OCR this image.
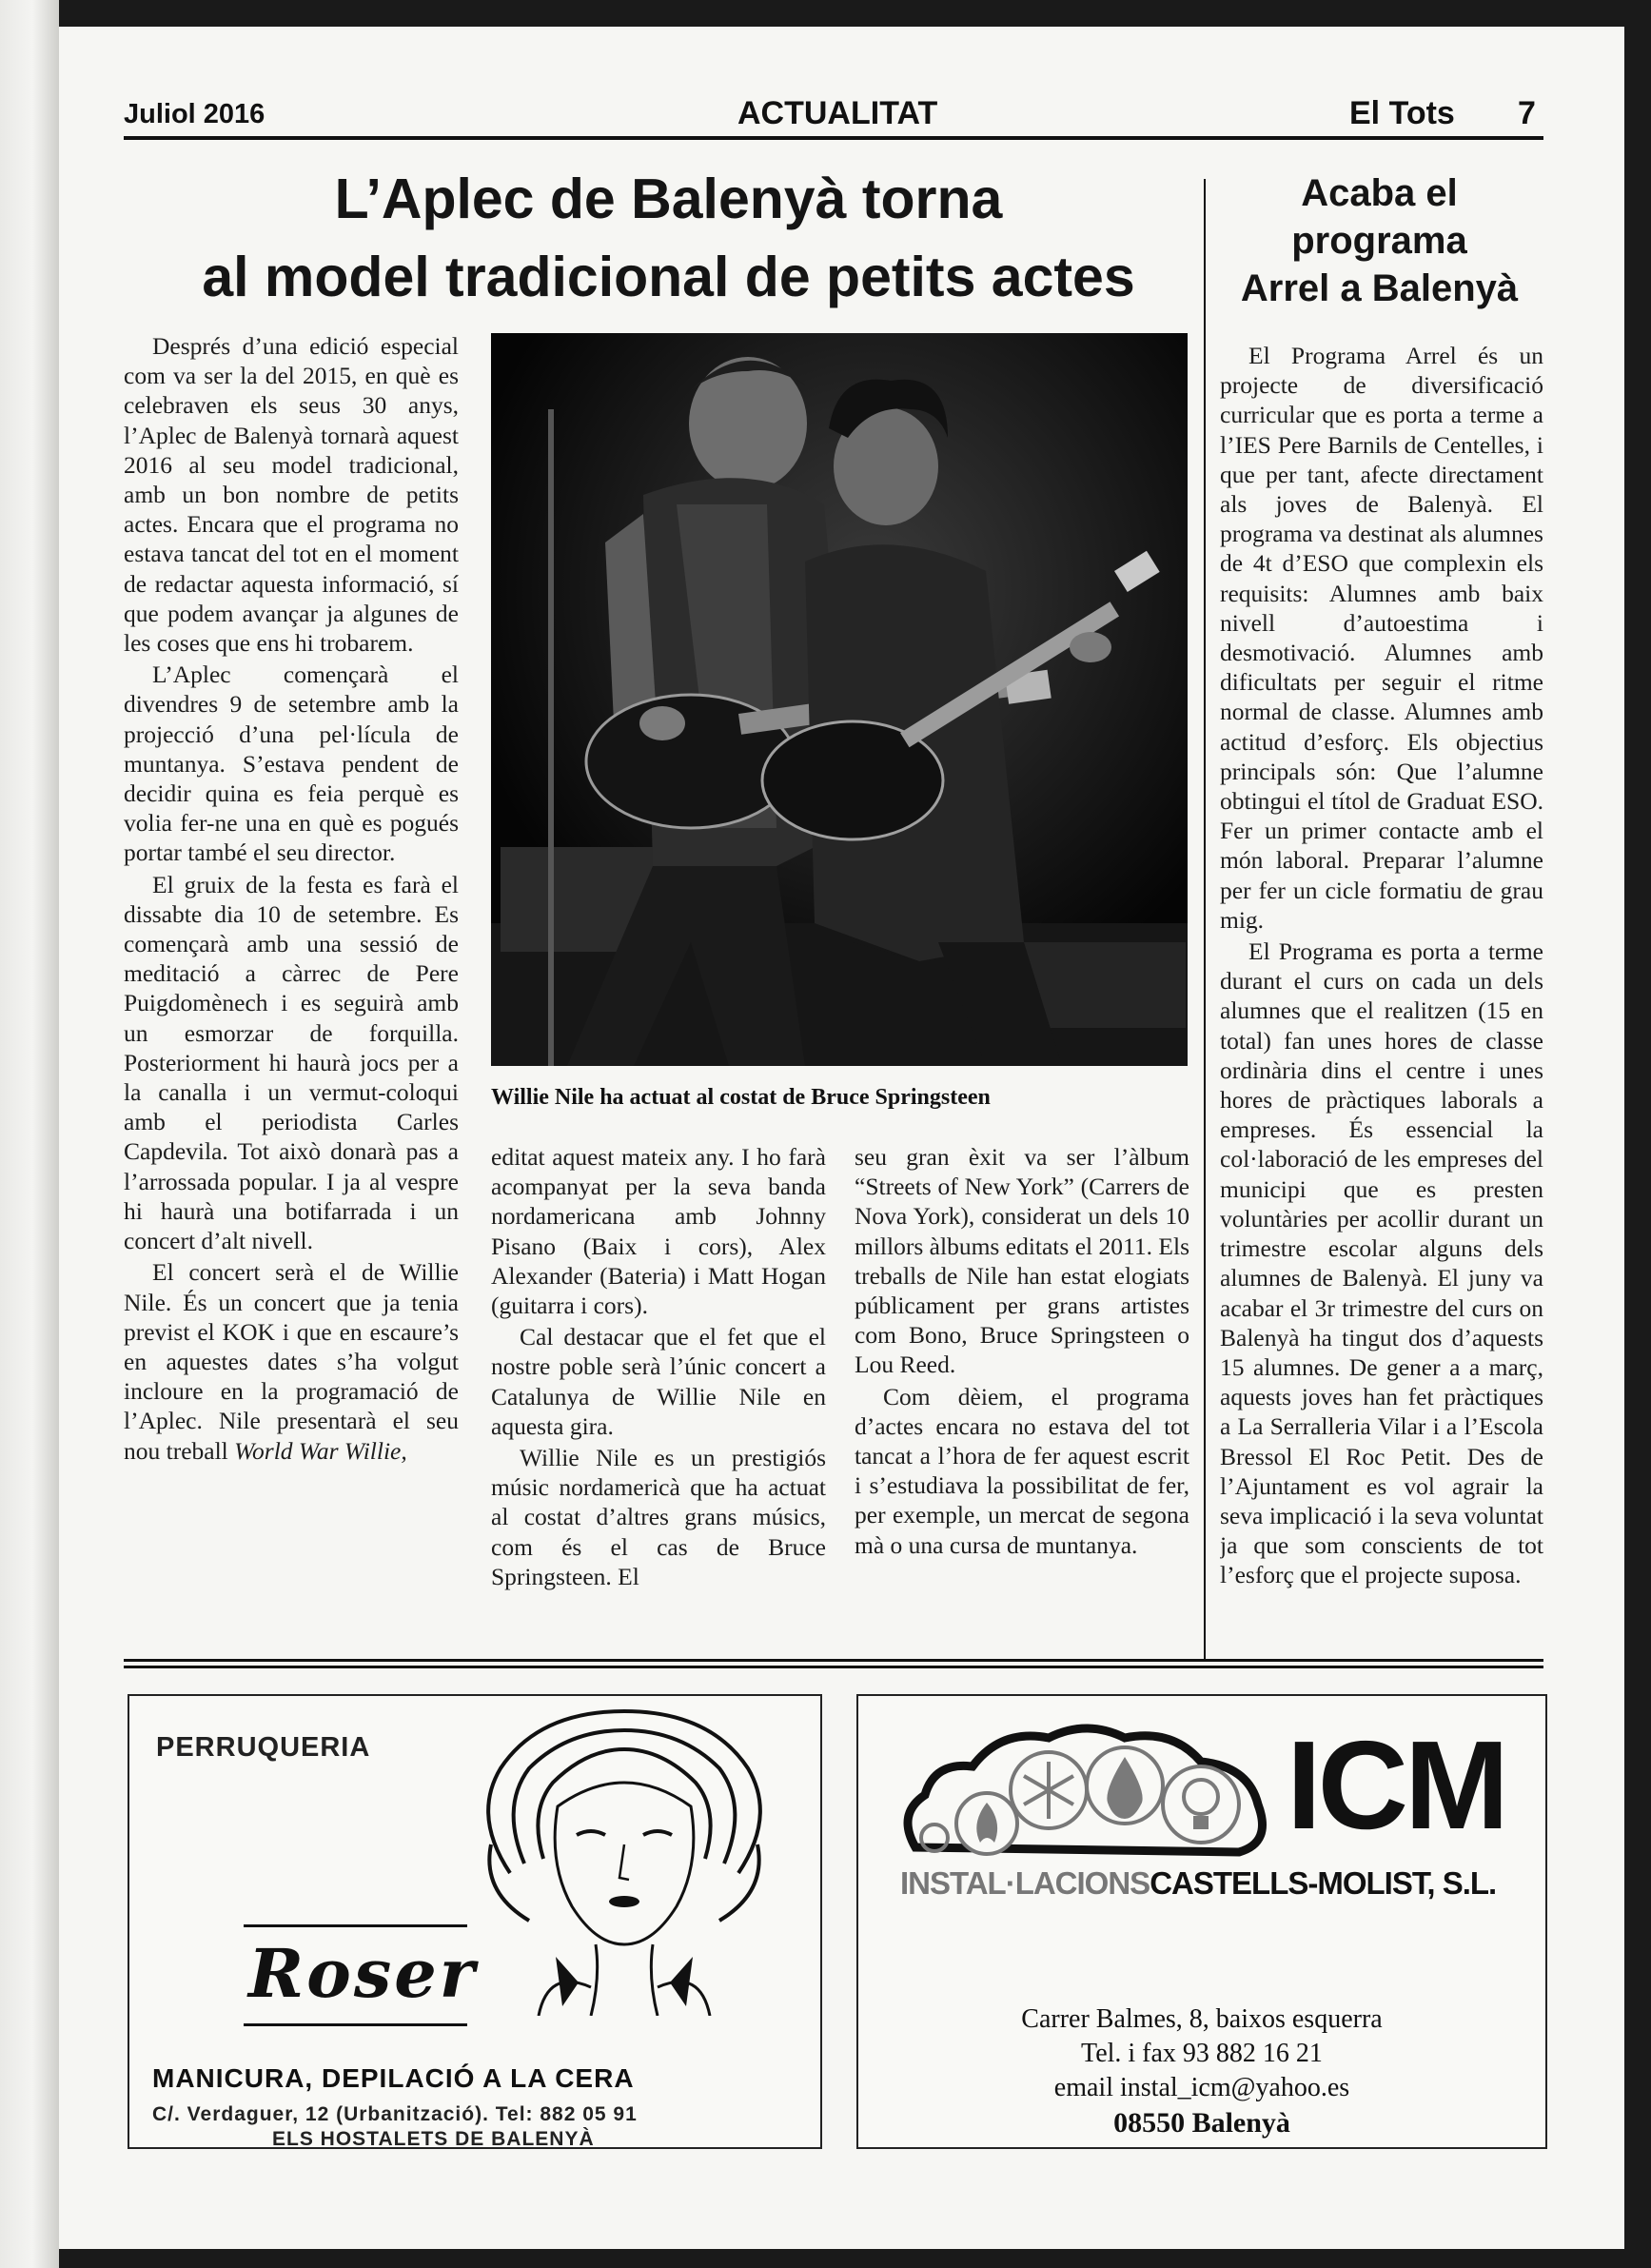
Juliol 2016	ACTUALITAT	El Tots 7
L’Aplec de Balenyà torna
al model tradicional de petits actes

Després d’una edició especial com va ser la del 2015, en què es celebraven els seus 30 anys, l’Aplec de Balenyà tornarà aquest 2016 al seu model tradicional, amb un bon nombre de petits actes. Encara que el programa no estava tancat del tot en el moment de redactar aquesta informació, sí que podem avançar ja algunes de les coses que ens hi trobarem.

L’Aplec començarà el divendres 9 de setembre amb la projecció d’una pel·lícula de muntanya. S’estava pendent de decidir quina es feia perquè es volia fer-ne una en què es pogués portar també el seu director.

El gruix de la festa es farà el dissabte dia 10 de setembre. Es començarà amb una sessió de meditació a càrrec de Pere Puigdomènech i es seguirà amb un esmorzar de forquilla. Posteriorment hi haurà jocs per a la canalla i un vermut-coloqui amb el periodista Carles Capdevila. Tot això donarà pas a l’arrossada popular. I ja al vespre hi haurà una botifarrada i un concert d’alt nivell.

El concert serà el de Willie Nile. És un concert que ja tenia previst el KOK i que en escaure’s en aquestes dates s’ha volgut incloure en la programació de l’Aplec. Nile presentarà el seu nou treball World War Willie,

Willie Nile ha actuat al costat de Bruce Springsteen

editat aquest mateix any. I ho farà acompanyat per la seva banda nordamericana amb Johnny Pisano (Baix i cors), Alex Alexander (Bateria) i Matt Hogan (guitarra i cors).

Cal destacar que el fet que el nostre poble serà l’únic concert a Catalunya de Willie Nile en aquesta gira.

Willie Nile es un prestigiós músic nordamericà que ha actuat al costat d’altres grans músics, com és el cas de Bruce Springsteen. El

seu gran èxit va ser l’àlbum “Streets of New York” (Carrers de Nova York), considerat un dels 10 millors àlbums editats el 2011. Els treballs de Nile han estat elogiats públicament per grans artistes com Bono, Bruce Springsteen o Lou Reed.

Com dèiem, el programa d’actes encara no estava del tot tancat a l’hora de fer aquest escrit i s’estudiava la possibilitat de fer, per exemple, un mercat de segona mà o una cursa de muntanya.

Acaba el
programa
Arrel a Balenyà

El Programa Arrel és un projecte de diversificació curricular que es porta a terme a l’IES Pere Barnils de Centelles, i que per tant, afecte directament als joves de Balenyà. El programa va destinat als alumnes de 4t d’ESO que complexin els requisits: Alumnes amb baix nivell d’autoestima i desmotivació. Alumnes amb dificultats per seguir el ritme normal de classe. Alumnes amb actitud d’esforç. Els objectius principals són: Que l’alumne obtingui el títol de Graduat ESO. Fer un primer contacte amb el món laboral. Preparar l’alumne per fer un cicle formatiu de grau mig.

El Programa es porta a terme durant el curs on cada un dels alumnes que el realitzen (15 en total) fan unes hores de classe ordinària dins el centre i unes hores de pràctiques laborals a empreses. És essencial la col·laboració de les empreses del municipi que es presten voluntàries per acollir durant un trimestre escolar alguns dels alumnes de Balenyà. El juny va acabar el 3r trimestre del curs on Balenyà ha tingut dos d’aquests 15 alumnes. De gener a a març, aquests joves han fet pràctiques a La Serralleria Vilar i a l’Escola Bressol El Roc Petit. Des de l’Ajuntament es vol agrair la seva implicació i la seva voluntat ja que som conscients de tot l’esforç que el projecte suposa.

PERRUQUERIA
Roser
MANICURA, DEPILACIÓ A LA CERA
C/. Verdaguer, 12 (Urbanització). Tel: 882 05 91
ELS HOSTALETS DE BALENYÀ
ICM
INSTAL·LACIONSCASTELLS-MOLIST, S.L.
Carrer Balmes, 8, baixos esquerra
Tel. i fax 93 882 16 21
email instal_icm@yahoo.es
08550 Balenyà
